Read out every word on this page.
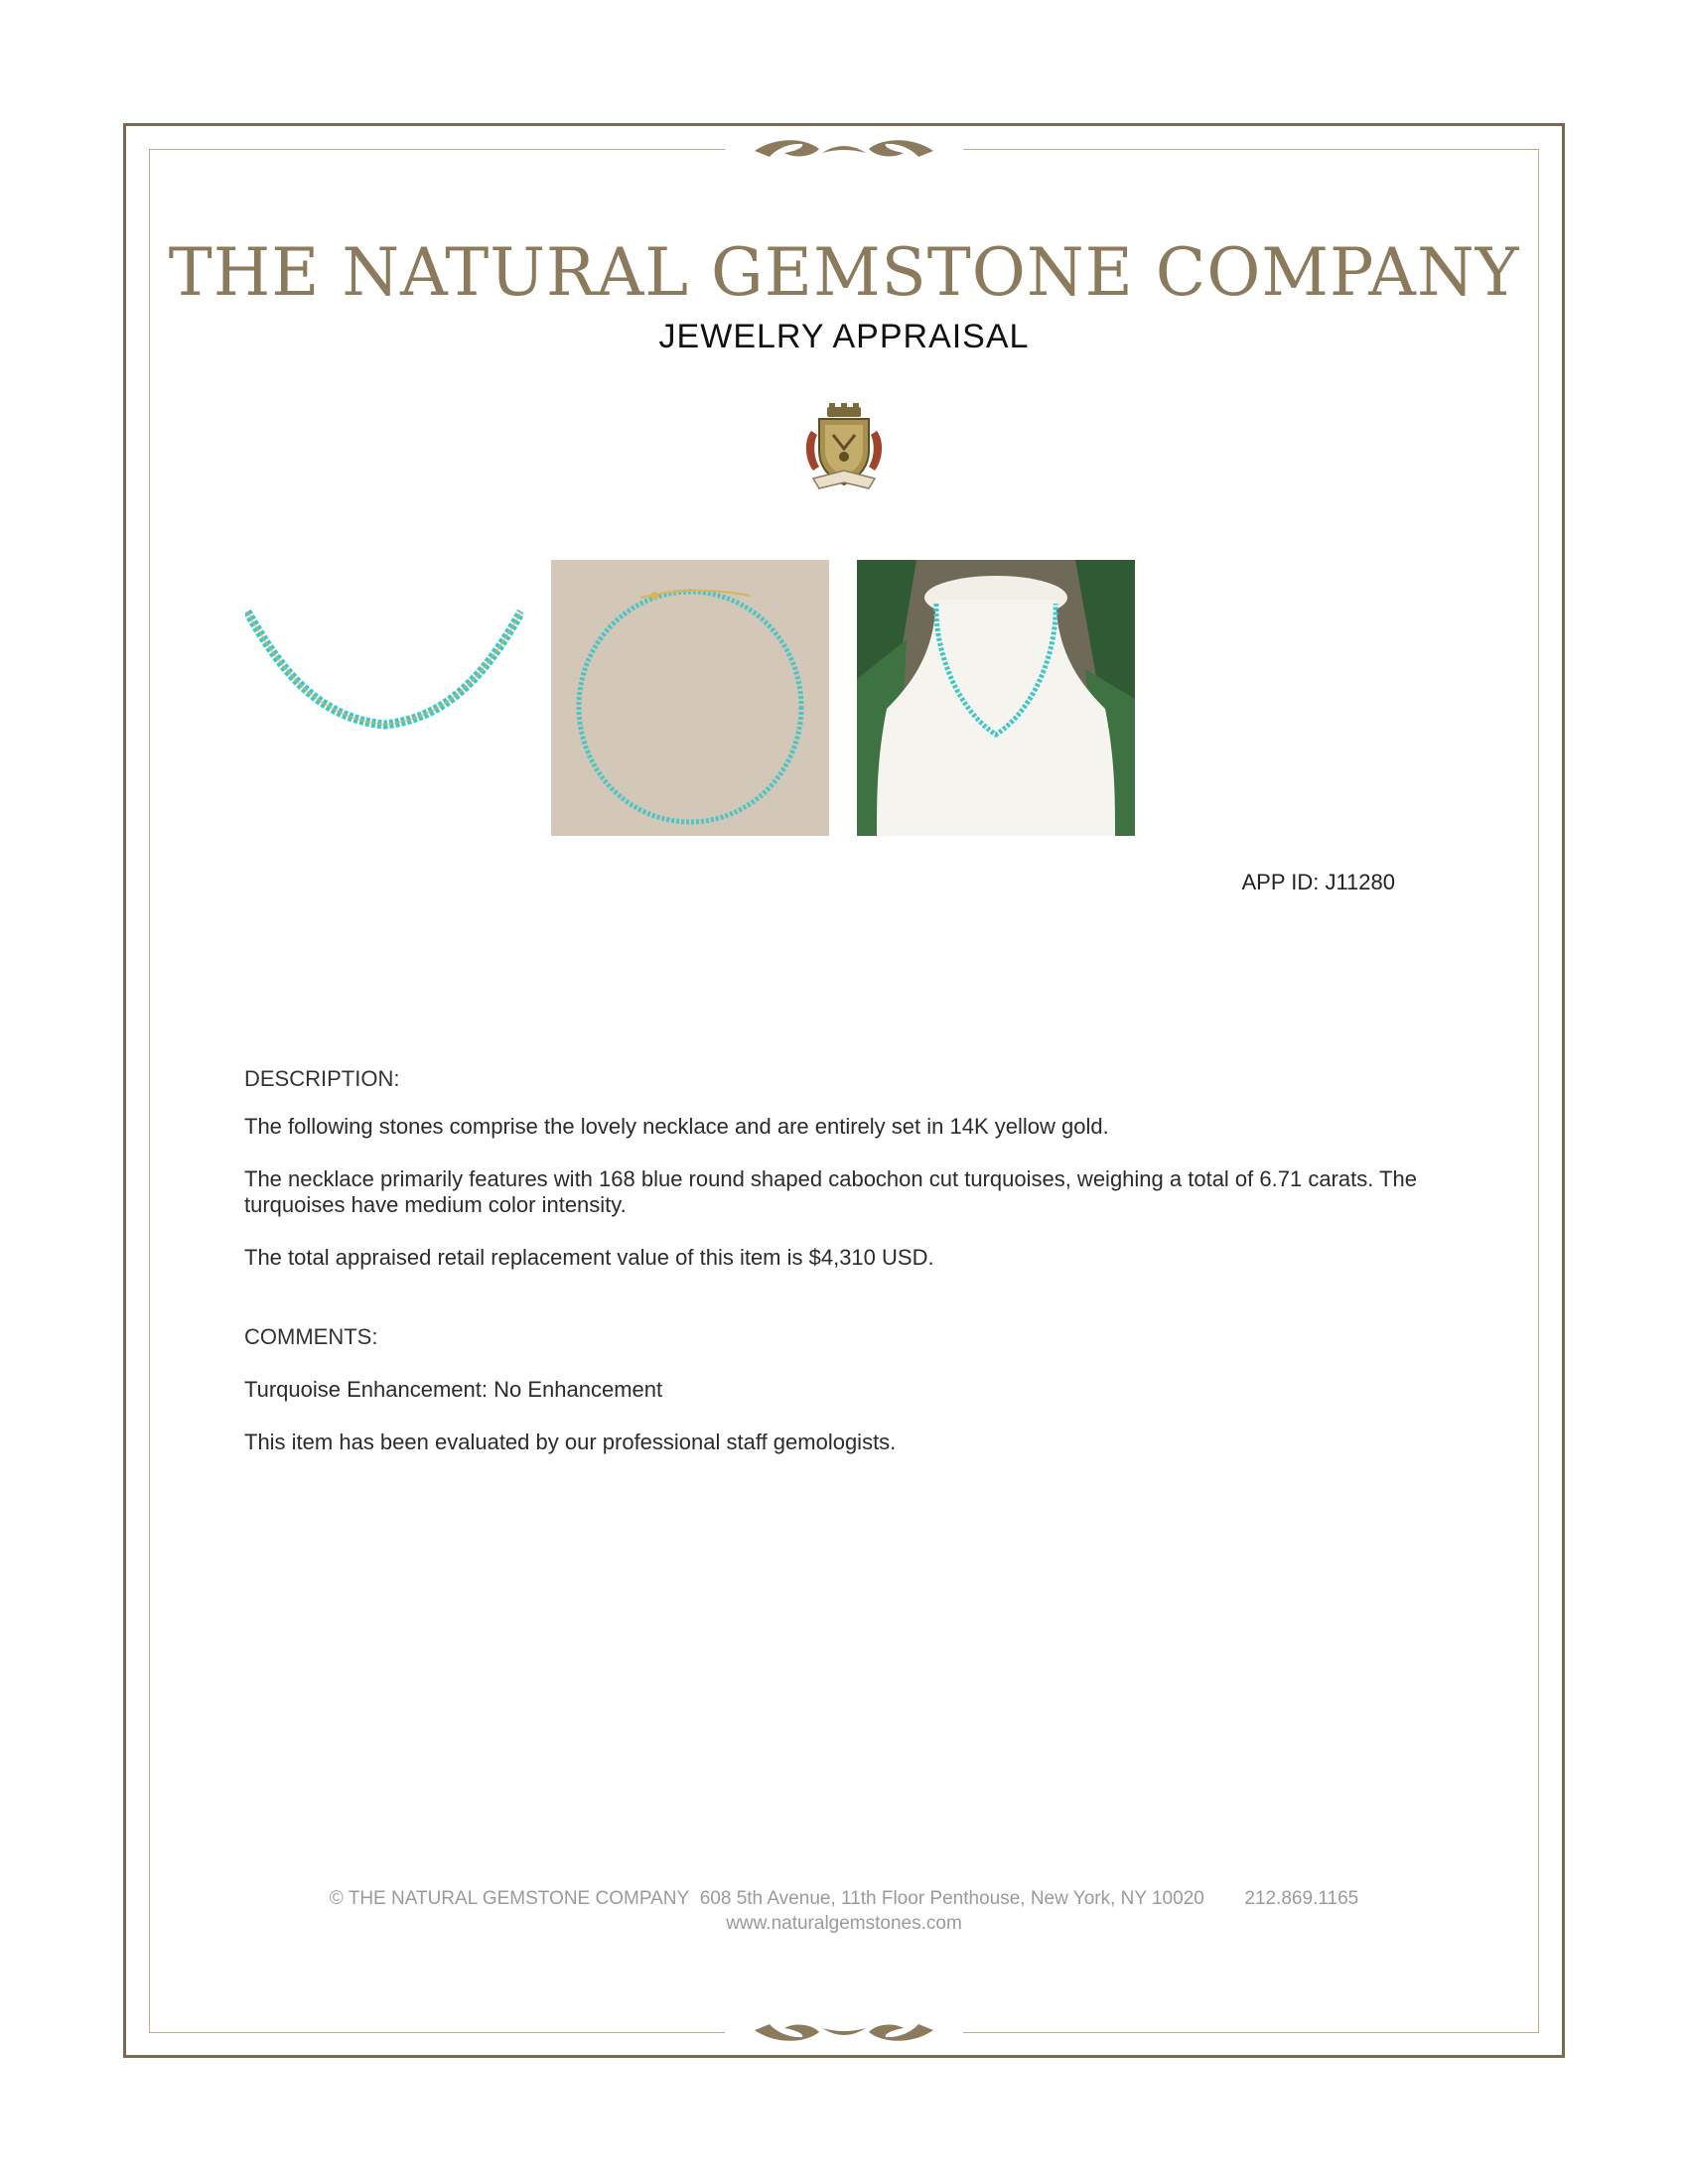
THE NATURAL GEMSTONE COMPANY
JEWELRY APPRAISAL
APP ID: J11280
DESCRIPTION:
The following stones comprise the lovely necklace and are entirely set in 14K yellow gold.
The necklace primarily features with 168 blue round shaped cabochon cut turquoises, weighing a total of 6.71 carats. The turquoises have medium color intensity.
The total appraised retail replacement value of this item is $4,310 USD.
COMMENTS:
Turquoise Enhancement: No Enhancement
This item has been evaluated by our professional staff gemologists.
© THE NATURAL GEMSTONE COMPANY 608 5th Avenue, 11th Floor Penthouse, New York, NY 10020 212.869.1165
www.naturalgemstones.com
